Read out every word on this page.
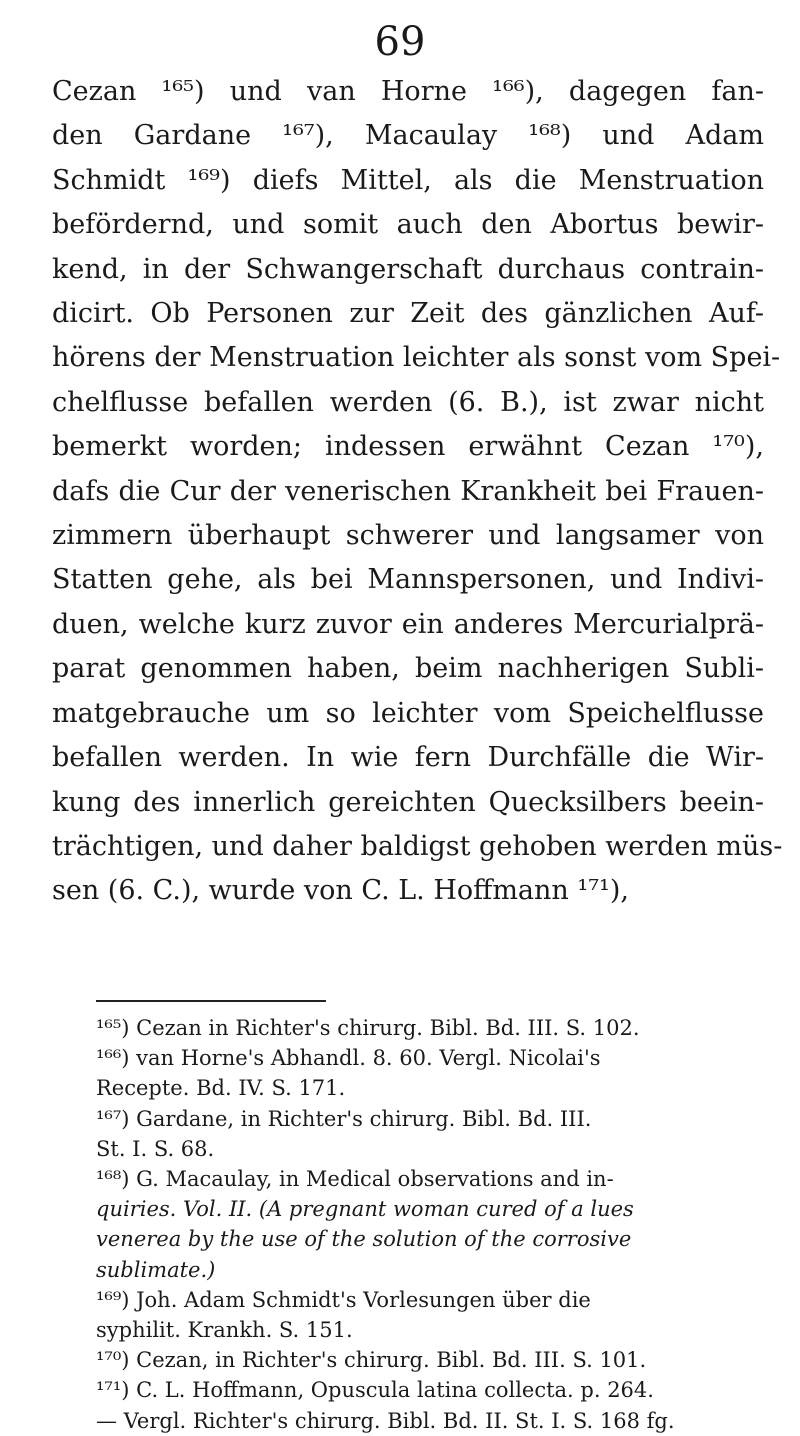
69
Cezan ¹⁶⁵) und van Horne ¹⁶⁶), dagegen fan-
den Gardane ¹⁶⁷), Macaulay ¹⁶⁸) und Adam
Schmidt ¹⁶⁹) diefs Mittel, als die Menstruation
befördernd, und somit auch den Abortus bewir-
kend, in der Schwangerschaft durchaus contrain-
dicirt. Ob Personen zur Zeit des gänzlichen Auf-
hörens der Menstruation leichter als sonst vom Spei-
chelflusse befallen werden (6. B.), ist zwar nicht
bemerkt worden; indessen erwähnt Cezan ¹⁷⁰),
dafs die Cur der venerischen Krankheit bei Frauen-
zimmern überhaupt schwerer und langsamer von
Statten gehe, als bei Mannspersonen, und Indivi-
duen, welche kurz zuvor ein anderes Mercurialprä-
parat genommen haben, beim nachherigen Subli-
matgebrauche um so leichter vom Speichelflusse
befallen werden. In wie fern Durchfälle die Wir-
kung des innerlich gereichten Quecksilbers beein-
trächtigen, und daher baldigst gehoben werden müs-
sen (6. C.), wurde von C. L. Hoffmann ¹⁷¹),
¹⁶⁵) Cezan in Richter's chirurg. Bibl. Bd. III. S. 102.
¹⁶⁶) van Horne's Abhandl. 8. 60. Vergl. Nicolai's
Recepte. Bd. IV. S. 171.
¹⁶⁷) Gardane, in Richter's chirurg. Bibl. Bd. III.
St. I. S. 68.
¹⁶⁸) G. Macaulay, in Medical observations and in-
quiries. Vol. II. (A pregnant woman cured of a lues
venerea by the use of the solution of the corrosive
sublimate.)
¹⁶⁹) Joh. Adam Schmidt's Vorlesungen über die
syphilit. Krankh. S. 151.
¹⁷⁰) Cezan, in Richter's chirurg. Bibl. Bd. III. S. 101.
¹⁷¹) C. L. Hoffmann, Opuscula latina collecta. p. 264.
— Vergl. Richter's chirurg. Bibl. Bd. II. St. I. S. 168 fg.
